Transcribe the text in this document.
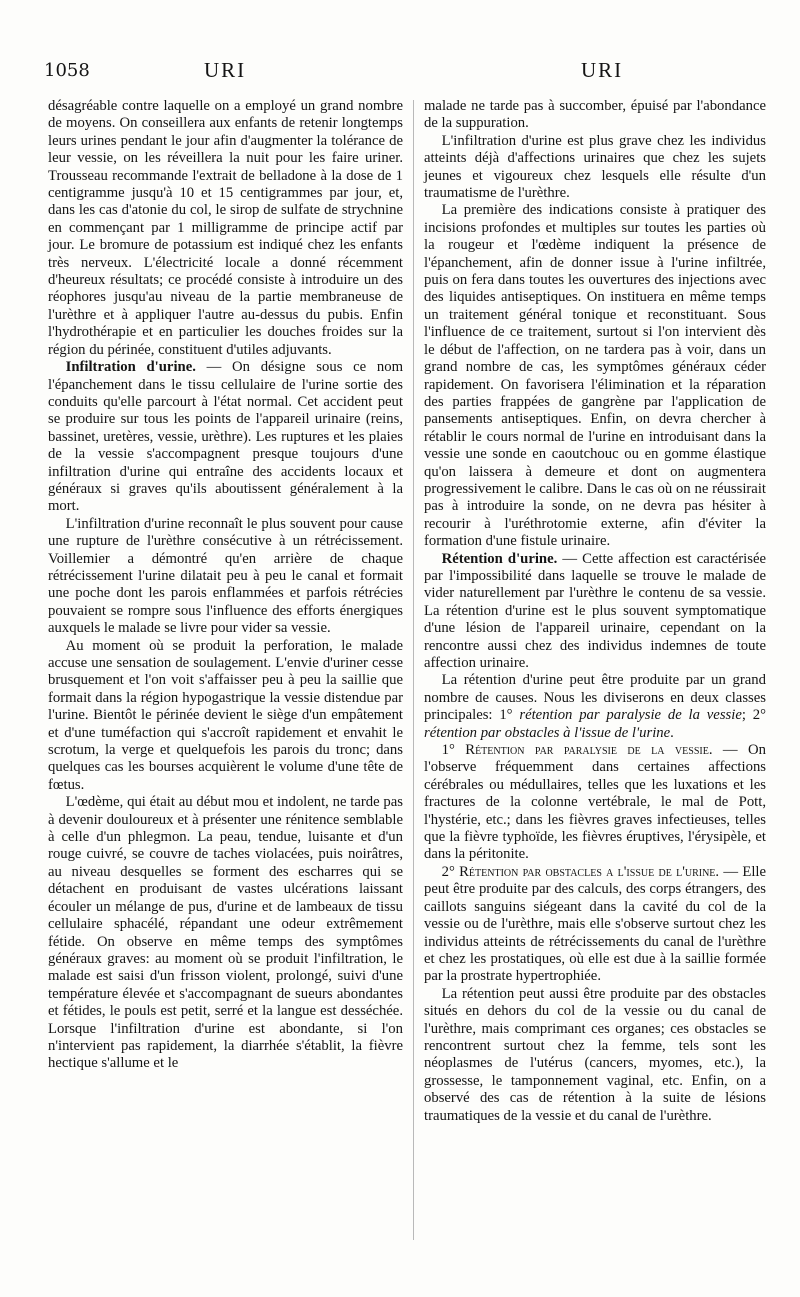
1058	URI	URI

désagréable contre laquelle on a employé un grand nombre de moyens. On conseillera aux enfants de retenir longtemps leurs urines pendant le jour afin d'augmenter la tolérance de leur vessie, on les réveillera la nuit pour les faire uriner. Trousseau recommande l'extrait de belladone à la dose de 1 centigramme jusqu'à 10 et 15 centigrammes par jour, et, dans les cas d'atonie du col, le sirop de sulfate de strychnine en commençant par 1 milligramme de principe actif par jour. Le bromure de potassium est indiqué chez les enfants très nerveux. L'électricité locale a donné récemment d'heureux résultats; ce procédé consiste à introduire un des réophores jusqu'au niveau de la partie membraneuse de l'urèthre et à appliquer l'autre au-dessus du pubis. Enfin l'hydrothérapie et en particulier les douches froides sur la région du périnée, constituent d'utiles adjuvants.

Infiltration d'urine. — On désigne sous ce nom l'épanchement dans le tissu cellulaire de l'urine sortie des conduits qu'elle parcourt à l'état normal. Cet accident peut se produire sur tous les points de l'appareil urinaire (reins, bassinet, uretères, vessie, urèthre). Les ruptures et les plaies de la vessie s'accompagnent presque toujours d'une infiltration d'urine qui entraîne des accidents locaux et généraux si graves qu'ils aboutissent généralement à la mort.

L'infiltration d'urine reconnaît le plus souvent pour cause une rupture de l'urèthre consécutive à un rétrécissement. Voillemier a démontré qu'en arrière de chaque rétrécissement l'urine dilatait peu à peu le canal et formait une poche dont les parois enflammées et parfois rétrécies pouvaient se rompre sous l'influence des efforts énergiques auxquels le malade se livre pour vider sa vessie.

Au moment où se produit la perforation, le malade accuse une sensation de soulagement. L'envie d'uriner cesse brusquement et l'on voit s'affaisser peu à peu la saillie que formait dans la région hypogastrique la vessie distendue par l'urine. Bientôt le périnée devient le siège d'un empâtement et d'une tuméfaction qui s'accroît rapidement et envahit le scrotum, la verge et quelquefois les parois du tronc; dans quelques cas les bourses acquièrent le volume d'une tête de fœtus.

L'œdème, qui était au début mou et indolent, ne tarde pas à devenir douloureux et à présenter une rénitence semblable à celle d'un phlegmon. La peau, tendue, luisante et d'un rouge cuivré, se couvre de taches violacées, puis noirâtres, au niveau desquelles se forment des escharres qui se détachent en produisant de vastes ulcérations laissant écouler un mélange de pus, d'urine et de lambeaux de tissu cellulaire sphacélé, répandant une odeur extrêmement fétide. On observe en même temps des symptômes généraux graves: au moment où se produit l'infiltration, le malade est saisi d'un frisson violent, prolongé, suivi d'une température élevée et s'accompagnant de sueurs abondantes et fétides, le pouls est petit, serré et la langue est desséchée. Lorsque l'infiltration d'urine est abondante, si l'on n'intervient pas rapidement, la diarrhée s'établit, la fièvre hectique s'allume et le

malade ne tarde pas à succomber, épuisé par l'abondance de la suppuration.

L'infiltration d'urine est plus grave chez les individus atteints déjà d'affections urinaires que chez les sujets jeunes et vigoureux chez lesquels elle résulte d'un traumatisme de l'urèthre.

La première des indications consiste à pratiquer des incisions profondes et multiples sur toutes les parties où la rougeur et l'œdème indiquent la présence de l'épanchement, afin de donner issue à l'urine infiltrée, puis on fera dans toutes les ouvertures des injections avec des liquides antiseptiques. On instituera en même temps un traitement général tonique et reconstituant. Sous l'influence de ce traitement, surtout si l'on intervient dès le début de l'affection, on ne tardera pas à voir, dans un grand nombre de cas, les symptômes généraux céder rapidement. On favorisera l'élimination et la réparation des parties frappées de gangrène par l'application de pansements antiseptiques. Enfin, on devra chercher à rétablir le cours normal de l'urine en introduisant dans la vessie une sonde en caoutchouc ou en gomme élastique qu'on laissera à demeure et dont on augmentera progressivement le calibre. Dans le cas où on ne réussirait pas à introduire la sonde, on ne devra pas hésiter à recourir à l'uréthrotomie externe, afin d'éviter la formation d'une fistule urinaire.

Rétention d'urine. — Cette affection est caractérisée par l'impossibilité dans laquelle se trouve le malade de vider naturellement par l'urèthre le contenu de sa vessie. La rétention d'urine est le plus souvent symptomatique d'une lésion de l'appareil urinaire, cependant on la rencontre aussi chez des individus indemnes de toute affection urinaire.

La rétention d'urine peut être produite par un grand nombre de causes. Nous les diviserons en deux classes principales: 1° rétention par paralysie de la vessie; 2° rétention par obstacles à l'issue de l'urine.

1° Rétention par paralysie de la vessie. — On l'observe fréquemment dans certaines affections cérébrales ou médullaires, telles que les luxations et les fractures de la colonne vertébrale, le mal de Pott, l'hystérie, etc.; dans les fièvres graves infectieuses, telles que la fièvre typhoïde, les fièvres éruptives, l'érysipèle, et dans la péritonite.

2° Rétention par obstacles a l'issue de l'urine. — Elle peut être produite par des calculs, des corps étrangers, des caillots sanguins siégeant dans la cavité du col de la vessie ou de l'urèthre, mais elle s'observe surtout chez les individus atteints de rétrécissements du canal de l'urèthre et chez les prostatiques, où elle est due à la saillie formée par la prostrate hypertrophiée.

La rétention peut aussi être produite par des obstacles situés en dehors du col de la vessie ou du canal de l'urèthre, mais comprimant ces organes; ces obstacles se rencontrent surtout chez la femme, tels sont les néoplasmes de l'utérus (cancers, myomes, etc.), la grossesse, le tamponnement vaginal, etc. Enfin, on a observé des cas de rétention à la suite de lésions traumatiques de la vessie et du canal de l'urèthre.
